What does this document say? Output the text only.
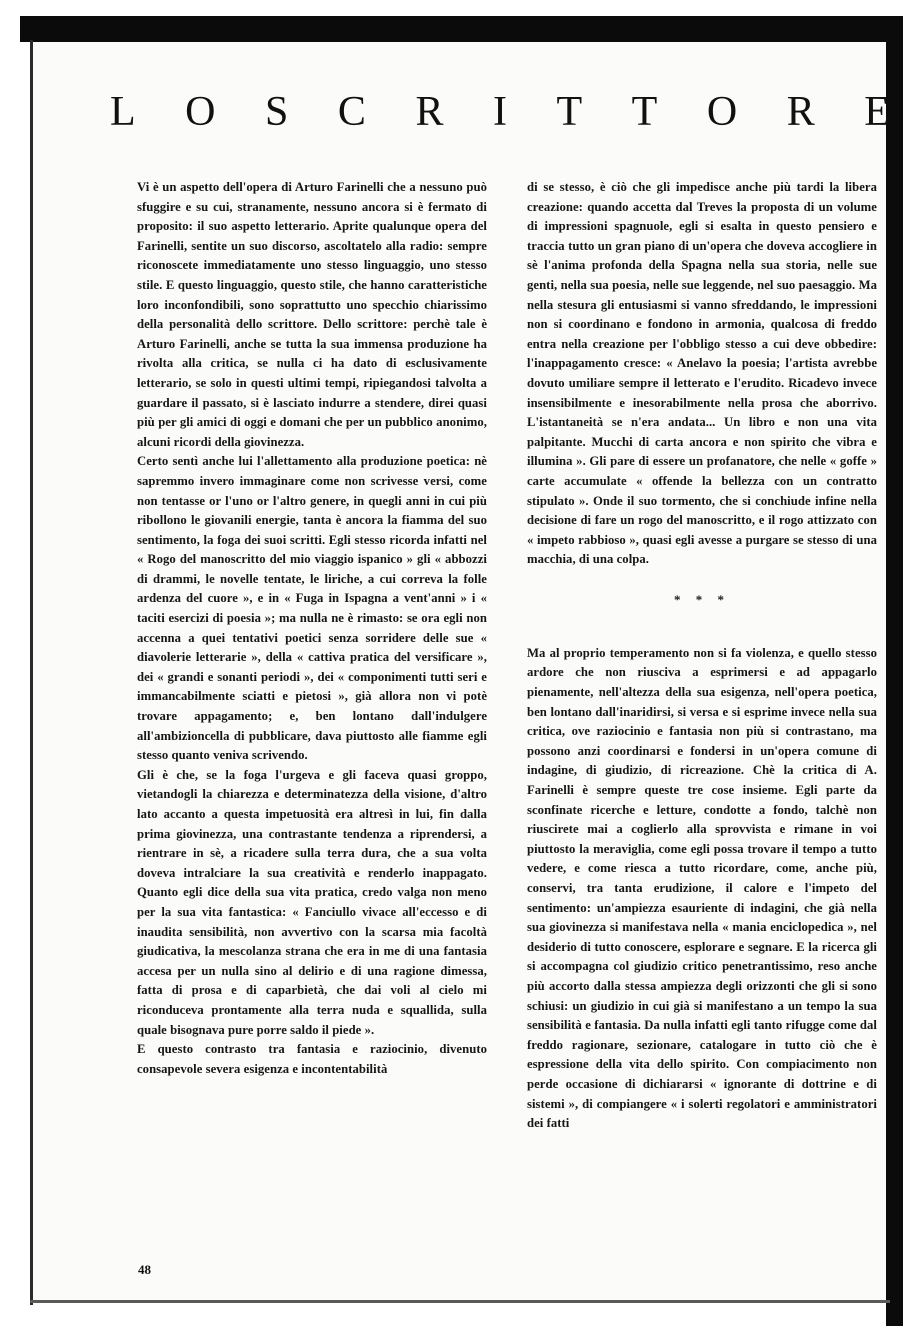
L O S C R I T T O R E

Vi è un aspetto dell'opera di Arturo Farinelli che a nessuno può sfuggire e su cui, stranamente, nessuno ancora si è fermato di proposito: il suo aspetto letterario. Aprite qualunque opera del Farinelli, sentite un suo discorso, ascoltatelo alla radio: sempre riconoscete immediatamente uno stesso linguaggio, uno stesso stile. E questo linguaggio, questo stile, che hanno caratteristiche loro inconfondibili, sono soprattutto uno specchio chiarissimo della personalità dello scrittore. Dello scrittore: perchè tale è Arturo Farinelli, anche se tutta la sua immensa produzione ha rivolta alla critica, se nulla ci ha dato di esclusivamente letterario, se solo in questi ultimi tempi, ripiegandosi talvolta a guardare il passato, si è lasciato indurre a stendere, direi quasi più per gli amici di oggi e domani che per un pubblico anonimo, alcuni ricordi della giovinezza.

Certo sentì anche lui l'allettamento alla produzione poetica: nè sapremmo invero immaginare come non scrivesse versi, come non tentasse or l'uno or l'altro genere, in quegli anni in cui più ribollono le giovanili energie, tanta è ancora la fiamma del suo sentimento, la foga dei suoi scritti. Egli stesso ricorda infatti nel « Rogo del manoscritto del mio viaggio ispanico » gli « abbozzi di drammi, le novelle tentate, le liriche, a cui correva la folle ardenza del cuore », e in « Fuga in Ispagna a vent'anni » i « taciti esercizi di poesia »; ma nulla ne è rimasto: se ora egli non accenna a quei tentativi poetici senza sorridere delle sue « diavolerie letterarie », della « cattiva pratica del versificare », dei « grandi e sonanti periodi », dei « componimenti tutti seri e immancabilmente sciatti e pietosi », già allora non vi potè trovare appagamento; e, ben lontano dall'indulgere all'ambizioncella di pubblicare, dava piuttosto alle fiamme egli stesso quanto veniva scrivendo.

Gli è che, se la foga l'urgeva e gli faceva quasi groppo, vietandogli la chiarezza e determinatezza della visione, d'altro lato accanto a questa impetuosità era altresì in lui, fin dalla prima giovinezza, una contrastante tendenza a riprendersi, a rientrare in sè, a ricadere sulla terra dura, che a sua volta doveva intralciare la sua creatività e renderlo inappagato. Quanto egli dice della sua vita pratica, credo valga non meno per la sua vita fantastica: « Fanciullo vivace all'eccesso e di inaudita sensibilità, non avvertivo con la scarsa mia facoltà giudicativa, la mescolanza strana che era in me di una fantasia accesa per un nulla sino al delirio e di una ragione dimessa, fatta di prosa e di caparbietà, che dai voli al cielo mi riconduceva prontamente alla terra nuda e squallida, sulla quale bisognava pure porre saldo il piede ».

E questo contrasto tra fantasia e raziocinio, divenuto consapevole severa esigenza e incontentabilità

di se stesso, è ciò che gli impedisce anche più tardi la libera creazione: quando accetta dal Treves la proposta di un volume di impressioni spagnuole, egli si esalta in questo pensiero e traccia tutto un gran piano di un'opera che doveva accogliere in sè l'anima profonda della Spagna nella sua storia, nelle sue genti, nella sua poesia, nelle sue leggende, nel suo paesaggio. Ma nella stesura gli entusiasmi si vanno sfreddando, le impressioni non si coordinano e fondono in armonia, qualcosa di freddo entra nella creazione per l'obbligo stesso a cui deve obbedire: l'inappagamento cresce: « Anelavo la poesia; l'artista avrebbe dovuto umiliare sempre il letterato e l'erudito. Ricadevo invece insensibilmente e inesorabilmente nella prosa che aborrivo. L'istantaneità se n'era andata... Un libro e non una vita palpitante. Mucchi di carta ancora e non spirito che vibra e illumina ». Gli pare di essere un profanatore, che nelle « goffe » carte accumulate « offende la bellezza con un contratto stipulato ». Onde il suo tormento, che si conchiude infine nella decisione di fare un rogo del manoscritto, e il rogo attizzato con « impeto rabbioso », quasi egli avesse a purgare se stesso di una macchia, di una colpa.

* * *

Ma al proprio temperamento non si fa violenza, e quello stesso ardore che non riusciva a esprimersi e ad appagarlo pienamente, nell'altezza della sua esigenza, nell'opera poetica, ben lontano dall'inaridirsi, si versa e si esprime invece nella sua critica, ove raziocinio e fantasia non più si contrastano, ma possono anzi coordinarsi e fondersi in un'opera comune di indagine, di giudizio, di ricreazione. Chè la critica di A. Farinelli è sempre queste tre cose insieme. Egli parte da sconfinate ricerche e letture, condotte a fondo, talchè non riuscirete mai a coglierlo alla sprovvista e rimane in voi piuttosto la meraviglia, come egli possa trovare il tempo a tutto vedere, e come riesca a tutto ricordare, come, anche più, conservi, tra tanta erudizione, il calore e l'impeto del sentimento: un'ampiezza esauriente di indagini, che già nella sua giovinezza si manifestava nella « mania enciclopedica », nel desiderio di tutto conoscere, esplorare e segnare. E la ricerca gli si accompagna col giudizio critico penetrantissimo, reso anche più accorto dalla stessa ampiezza degli orizzonti che gli si sono schiusi: un giudizio in cui già si manifestano a un tempo la sua sensibilità e fantasia. Da nulla infatti egli tanto rifugge come dal freddo ragionare, sezionare, catalogare in tutto ciò che è espressione della vita dello spirito. Con compiacimento non perde occasione di dichiararsi « ignorante di dottrine e di sistemi », di compiangere « i solerti regolatori e amministratori dei fatti

48
